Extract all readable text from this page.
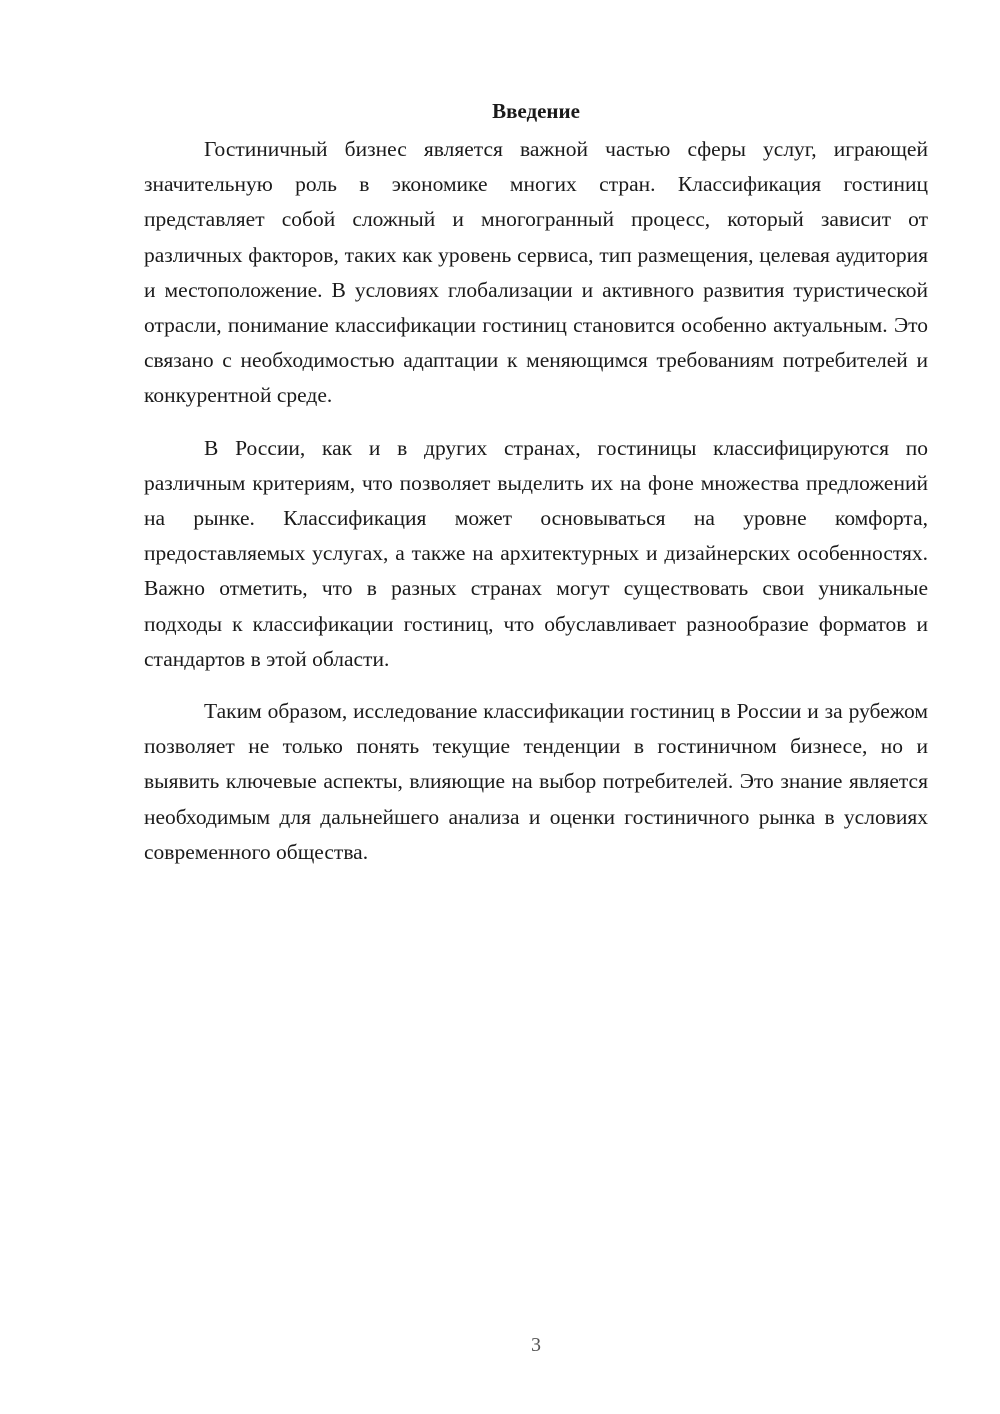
Введение

Гостиничный бизнес является важной частью сферы услуг, играющей значительную роль в экономике многих стран. Классификация гостиниц представляет собой сложный и многогранный процесс, который зависит от различных факторов, таких как уровень сервиса, тип размещения, целевая аудитория и местоположение. В условиях глобализации и активного развития туристической отрасли, понимание классификации гостиниц становится особенно актуальным. Это связано с необходимостью адаптации к меняющимся требованиям потребителей и конкурентной среде.

В России, как и в других странах, гостиницы классифицируются по различным критериям, что позволяет выделить их на фоне множества предложений на рынке. Классификация может основываться на уровне комфорта, предоставляемых услугах, а также на архитектурных и дизайнерских особенностях. Важно отметить, что в разных странах могут существовать свои уникальные подходы к классификации гостиниц, что обуславливает разнообразие форматов и стандартов в этой области.

Таким образом, исследование классификации гостиниц в России и за рубежом позволяет не только понять текущие тенденции в гостиничном бизнесе, но и выявить ключевые аспекты, влияющие на выбор потребителей. Это знание является необходимым для дальнейшего анализа и оценки гостиничного рынка в условиях современного общества.

3
